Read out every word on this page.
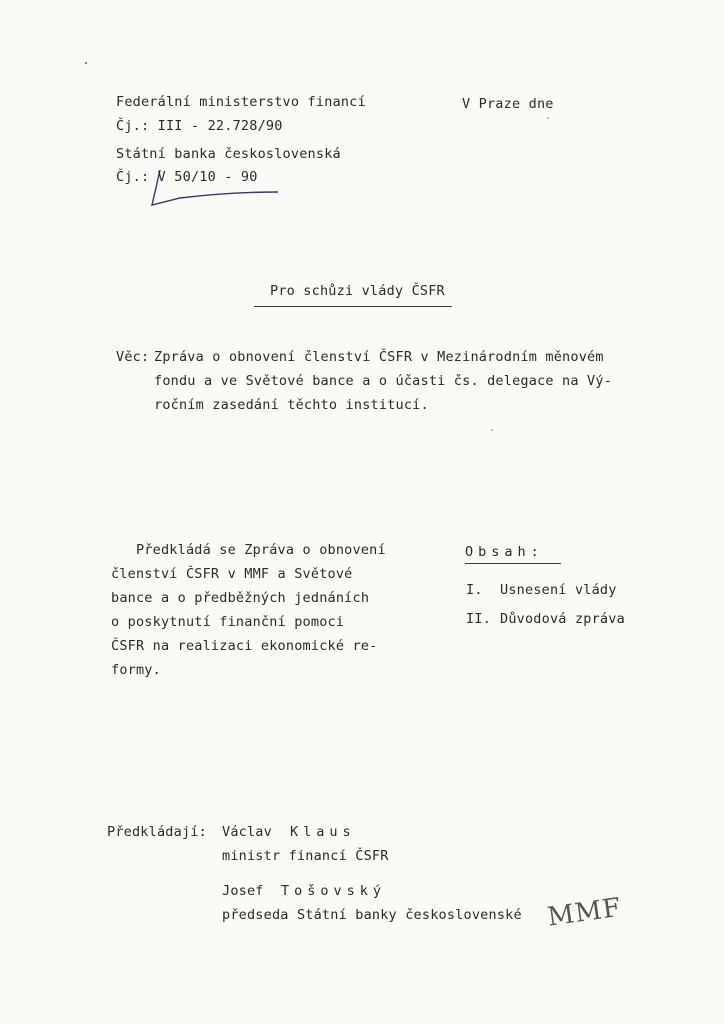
Federální ministerstvo financí
Čj.: III - 22.728/90
V Praze dne
Státní banka československá
Čj.: V 50/10 - 90
Pro schůzi vlády ČSFR
Věc: Zpráva o obnovení členství ČSFR v Mezinárodním měnovém
fondu a ve Světové bance a o účasti čs. delegace na Vý-
ročním zasedání těchto institucí.
Předkládá se Zpráva o obnovení
členství ČSFR v MMF a Světové
bance a o předběžných jednáních
o poskytnutí finanční pomoci
ČSFR na realizaci ekonomické re-
formy.
Obsah:
I. Usnesení vlády
II. Důvodová zpráva
Předkládají: Václav Klaus
ministr financí ČSFR
Josef Tošovský
předseda Státní banky československé MMF
